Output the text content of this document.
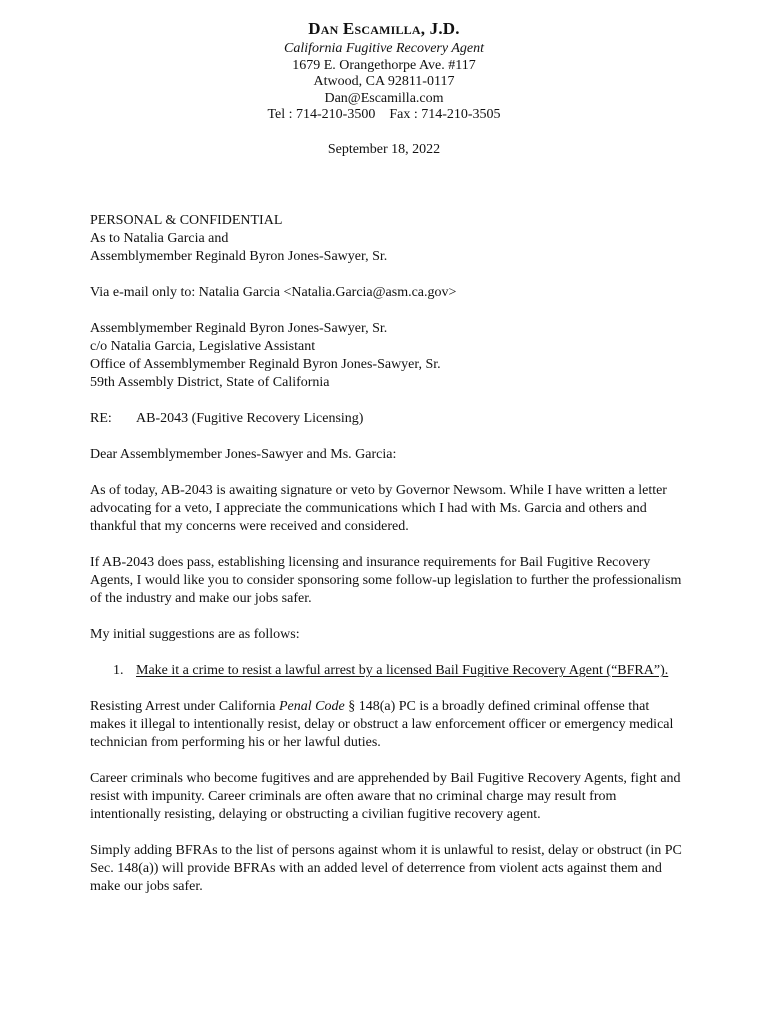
Dan Escamilla, J.D.
California Fugitive Recovery Agent
1679 E. Orangethorpe Ave. #117
Atwood, CA 92811-0117
Dan@Escamilla.com
Tel : 714-210-3500    Fax : 714-210-3505
September 18, 2022

PERSONAL & CONFIDENTIAL
As to Natalia Garcia and
Assemblymember Reginald Byron Jones-Sawyer, Sr.

Via e-mail only to: Natalia Garcia <Natalia.Garcia@asm.ca.gov>

Assemblymember Reginald Byron Jones-Sawyer, Sr.
c/o Natalia Garcia, Legislative Assistant
Office of Assemblymember Reginald Byron Jones-Sawyer, Sr.
59th Assembly District, State of California

RE:	AB-2043 (Fugitive Recovery Licensing)

Dear Assemblymember Jones-Sawyer and Ms. Garcia:

As of today, AB-2043 is awaiting signature or veto by Governor Newsom. While I have written a letter advocating for a veto, I appreciate the communications which I had with Ms. Garcia and others and thankful that my concerns were received and considered.

If AB-2043 does pass, establishing licensing and insurance requirements for Bail Fugitive Recovery Agents, I would like you to consider sponsoring some follow-up legislation to further the professionalism of the industry and make our jobs safer.

My initial suggestions are as follows:

1. Make it a crime to resist a lawful arrest by a licensed Bail Fugitive Recovery Agent (“BFRA”).

Resisting Arrest under California Penal Code § 148(a) PC is a broadly defined criminal offense that makes it illegal to intentionally resist, delay or obstruct a law enforcement officer or emergency medical technician from performing his or her lawful duties.

Career criminals who become fugitives and are apprehended by Bail Fugitive Recovery Agents, fight and resist with impunity. Career criminals are often aware that no criminal charge may result from intentionally resisting, delaying or obstructing a civilian fugitive recovery agent.

Simply adding BFRAs to the list of persons against whom it is unlawful to resist, delay or obstruct (in PC Sec. 148(a)) will provide BFRAs with an added level of deterrence from violent acts against them and make our jobs safer.
